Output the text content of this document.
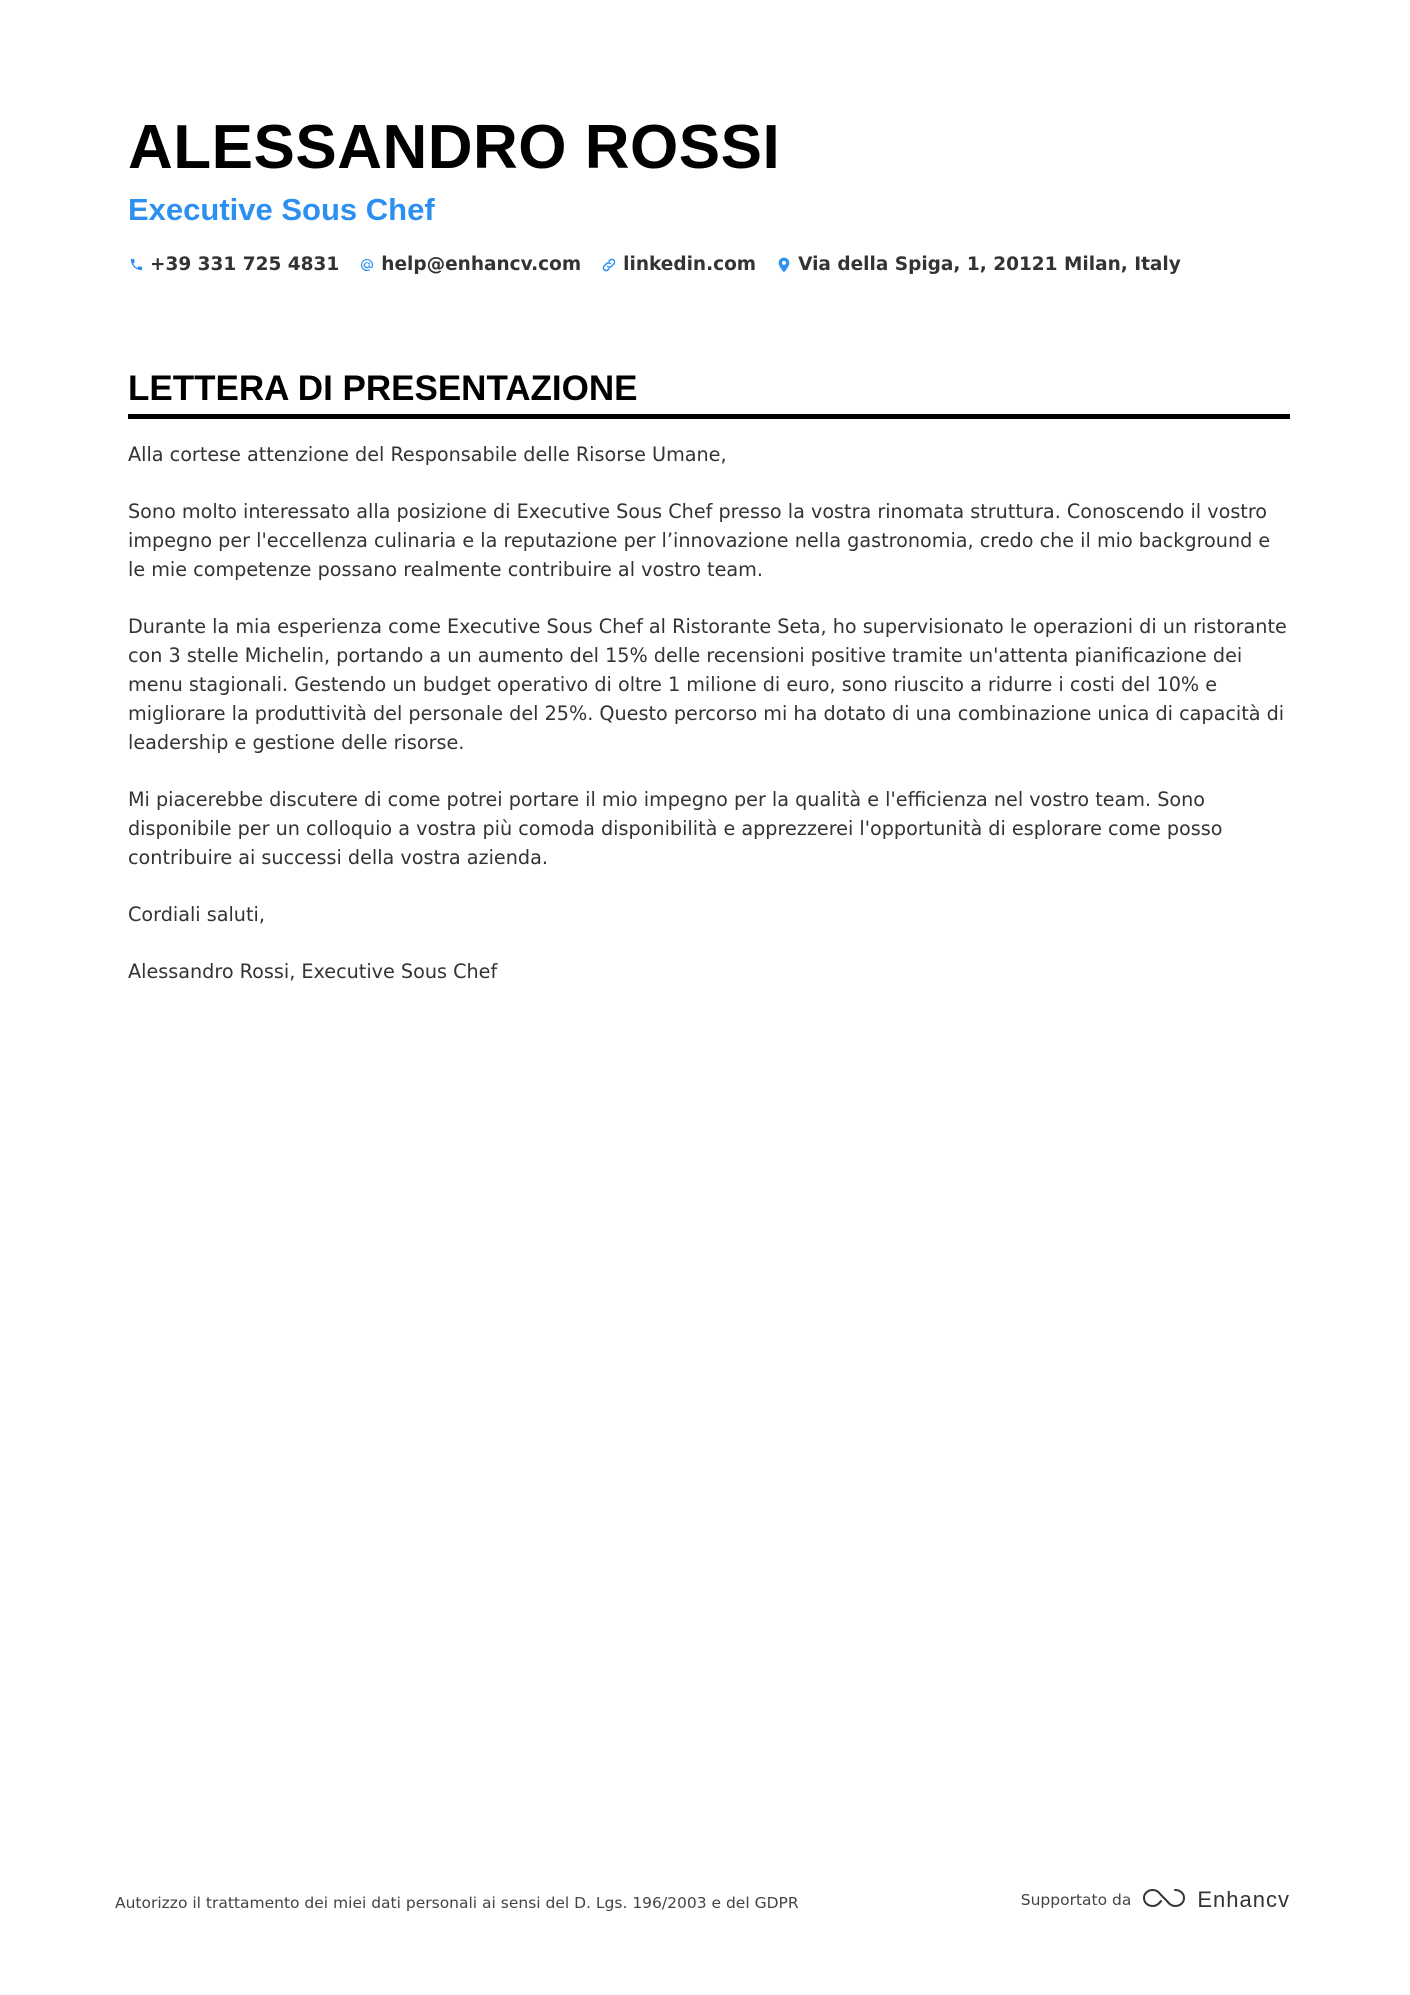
ALESSANDRO ROSSI
Executive Sous Chef
+39 331 725 4831 help@enhancv.com linkedin.com Via della Spiga, 1, 20121 Milan, Italy
LETTERA DI PRESENTAZIONE

Alla cortese attenzione del Responsabile delle Risorse Umane,

Sono molto interessato alla posizione di Executive Sous Chef presso la vostra rinomata struttura. Conoscendo il vostro impegno per l'eccellenza culinaria e la reputazione per l’innovazione nella gastronomia, credo che il mio background e le mie competenze possano realmente contribuire al vostro team.

Durante la mia esperienza come Executive Sous Chef al Ristorante Seta, ho supervisionato le operazioni di un ristorante con 3 stelle Michelin, portando a un aumento del 15% delle recensioni positive tramite un'attenta pianificazione dei menu stagionali. Gestendo un budget operativo di oltre 1 milione di euro, sono riuscito a ridurre i costi del 10% e migliorare la produttività del personale del 25%. Questo percorso mi ha dotato di una combinazione unica di capacità di leadership e gestione delle risorse.

Mi piacerebbe discutere di come potrei portare il mio impegno per la qualità e l'efficienza nel vostro team. Sono disponibile per un colloquio a vostra più comoda disponibilità e apprezzerei l'opportunità di esplorare come posso contribuire ai successi della vostra azienda.

Cordiali saluti,

Alessandro Rossi, Executive Sous Chef

Autorizzo il trattamento dei miei dati personali ai sensi del D. Lgs. 196/2003 e del GDPR	Supportato da	Enhancv
